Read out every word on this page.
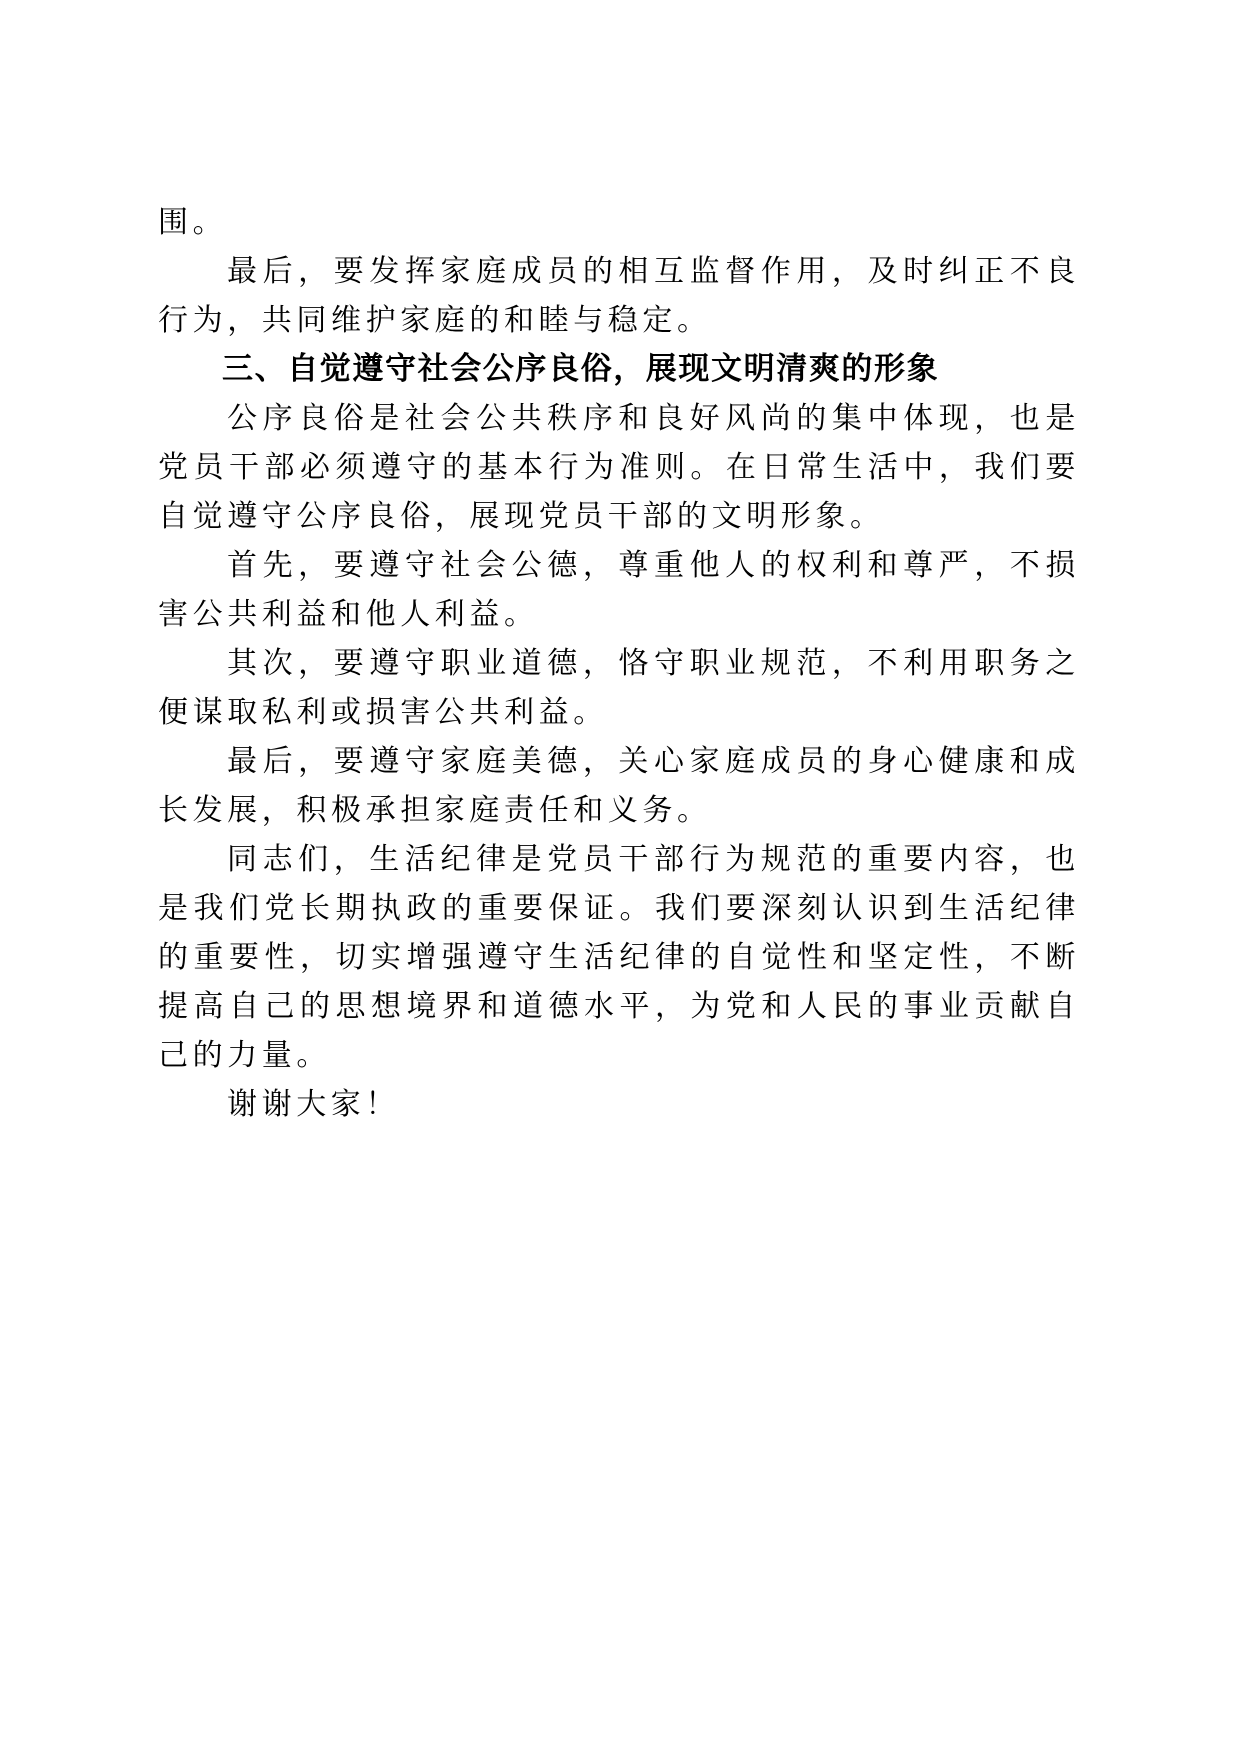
围。

最后，要发挥家庭成员的相互监督作用，及时纠正不良行为，共同维护家庭的和睦与稳定。

三、自觉遵守社会公序良俗，展现文明清爽的形象

公序良俗是社会公共秩序和良好风尚的集中体现，也是党员干部必须遵守的基本行为准则。在日常生活中，我们要自觉遵守公序良俗，展现党员干部的文明形象。

首先，要遵守社会公德，尊重他人的权利和尊严，不损害公共利益和他人利益。

其次，要遵守职业道德，恪守职业规范，不利用职务之便谋取私利或损害公共利益。

最后，要遵守家庭美德，关心家庭成员的身心健康和成长发展，积极承担家庭责任和义务。

同志们，生活纪律是党员干部行为规范的重要内容，也是我们党长期执政的重要保证。我们要深刻认识到生活纪律的重要性，切实增强遵守生活纪律的自觉性和坚定性，不断提高自己的思想境界和道德水平，为党和人民的事业贡献自己的力量。

谢谢大家！
